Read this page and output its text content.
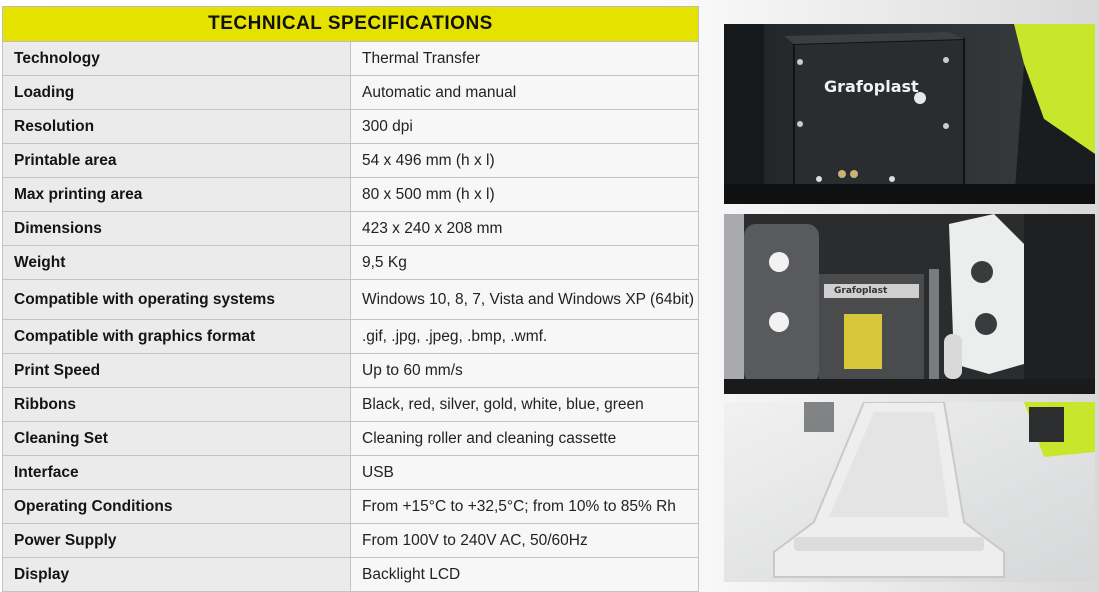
TECHNICAL SPECIFICATIONS	
Technology	Thermal Transfer
Loading	Automatic and manual
Resolution	300 dpi
Printable area	54 x 496 mm (h x l)
Max printing area	80 x 500 mm (h x l)
Dimensions	423 x 240 x 208 mm
Weight	9,5 Kg
Compatible with operating systems	Windows 10, 8, 7, Vista and Windows XP (64bit)
Compatible with graphics format	.gif, .jpg, .jpeg, .bmp, .wmf.
Print Speed	Up to 60 mm/s
Ribbons	Black, red, silver, gold, white, blue, green
Cleaning Set	Cleaning roller and cleaning cassette
Interface	USB
Operating Conditions	From +15°C to +32,5°C; from 10% to 85% Rh
Power Supply	From 100V to 240V AC, 50/60Hz
Display	Backlight LCD
Grafoplast
Grafoplast
